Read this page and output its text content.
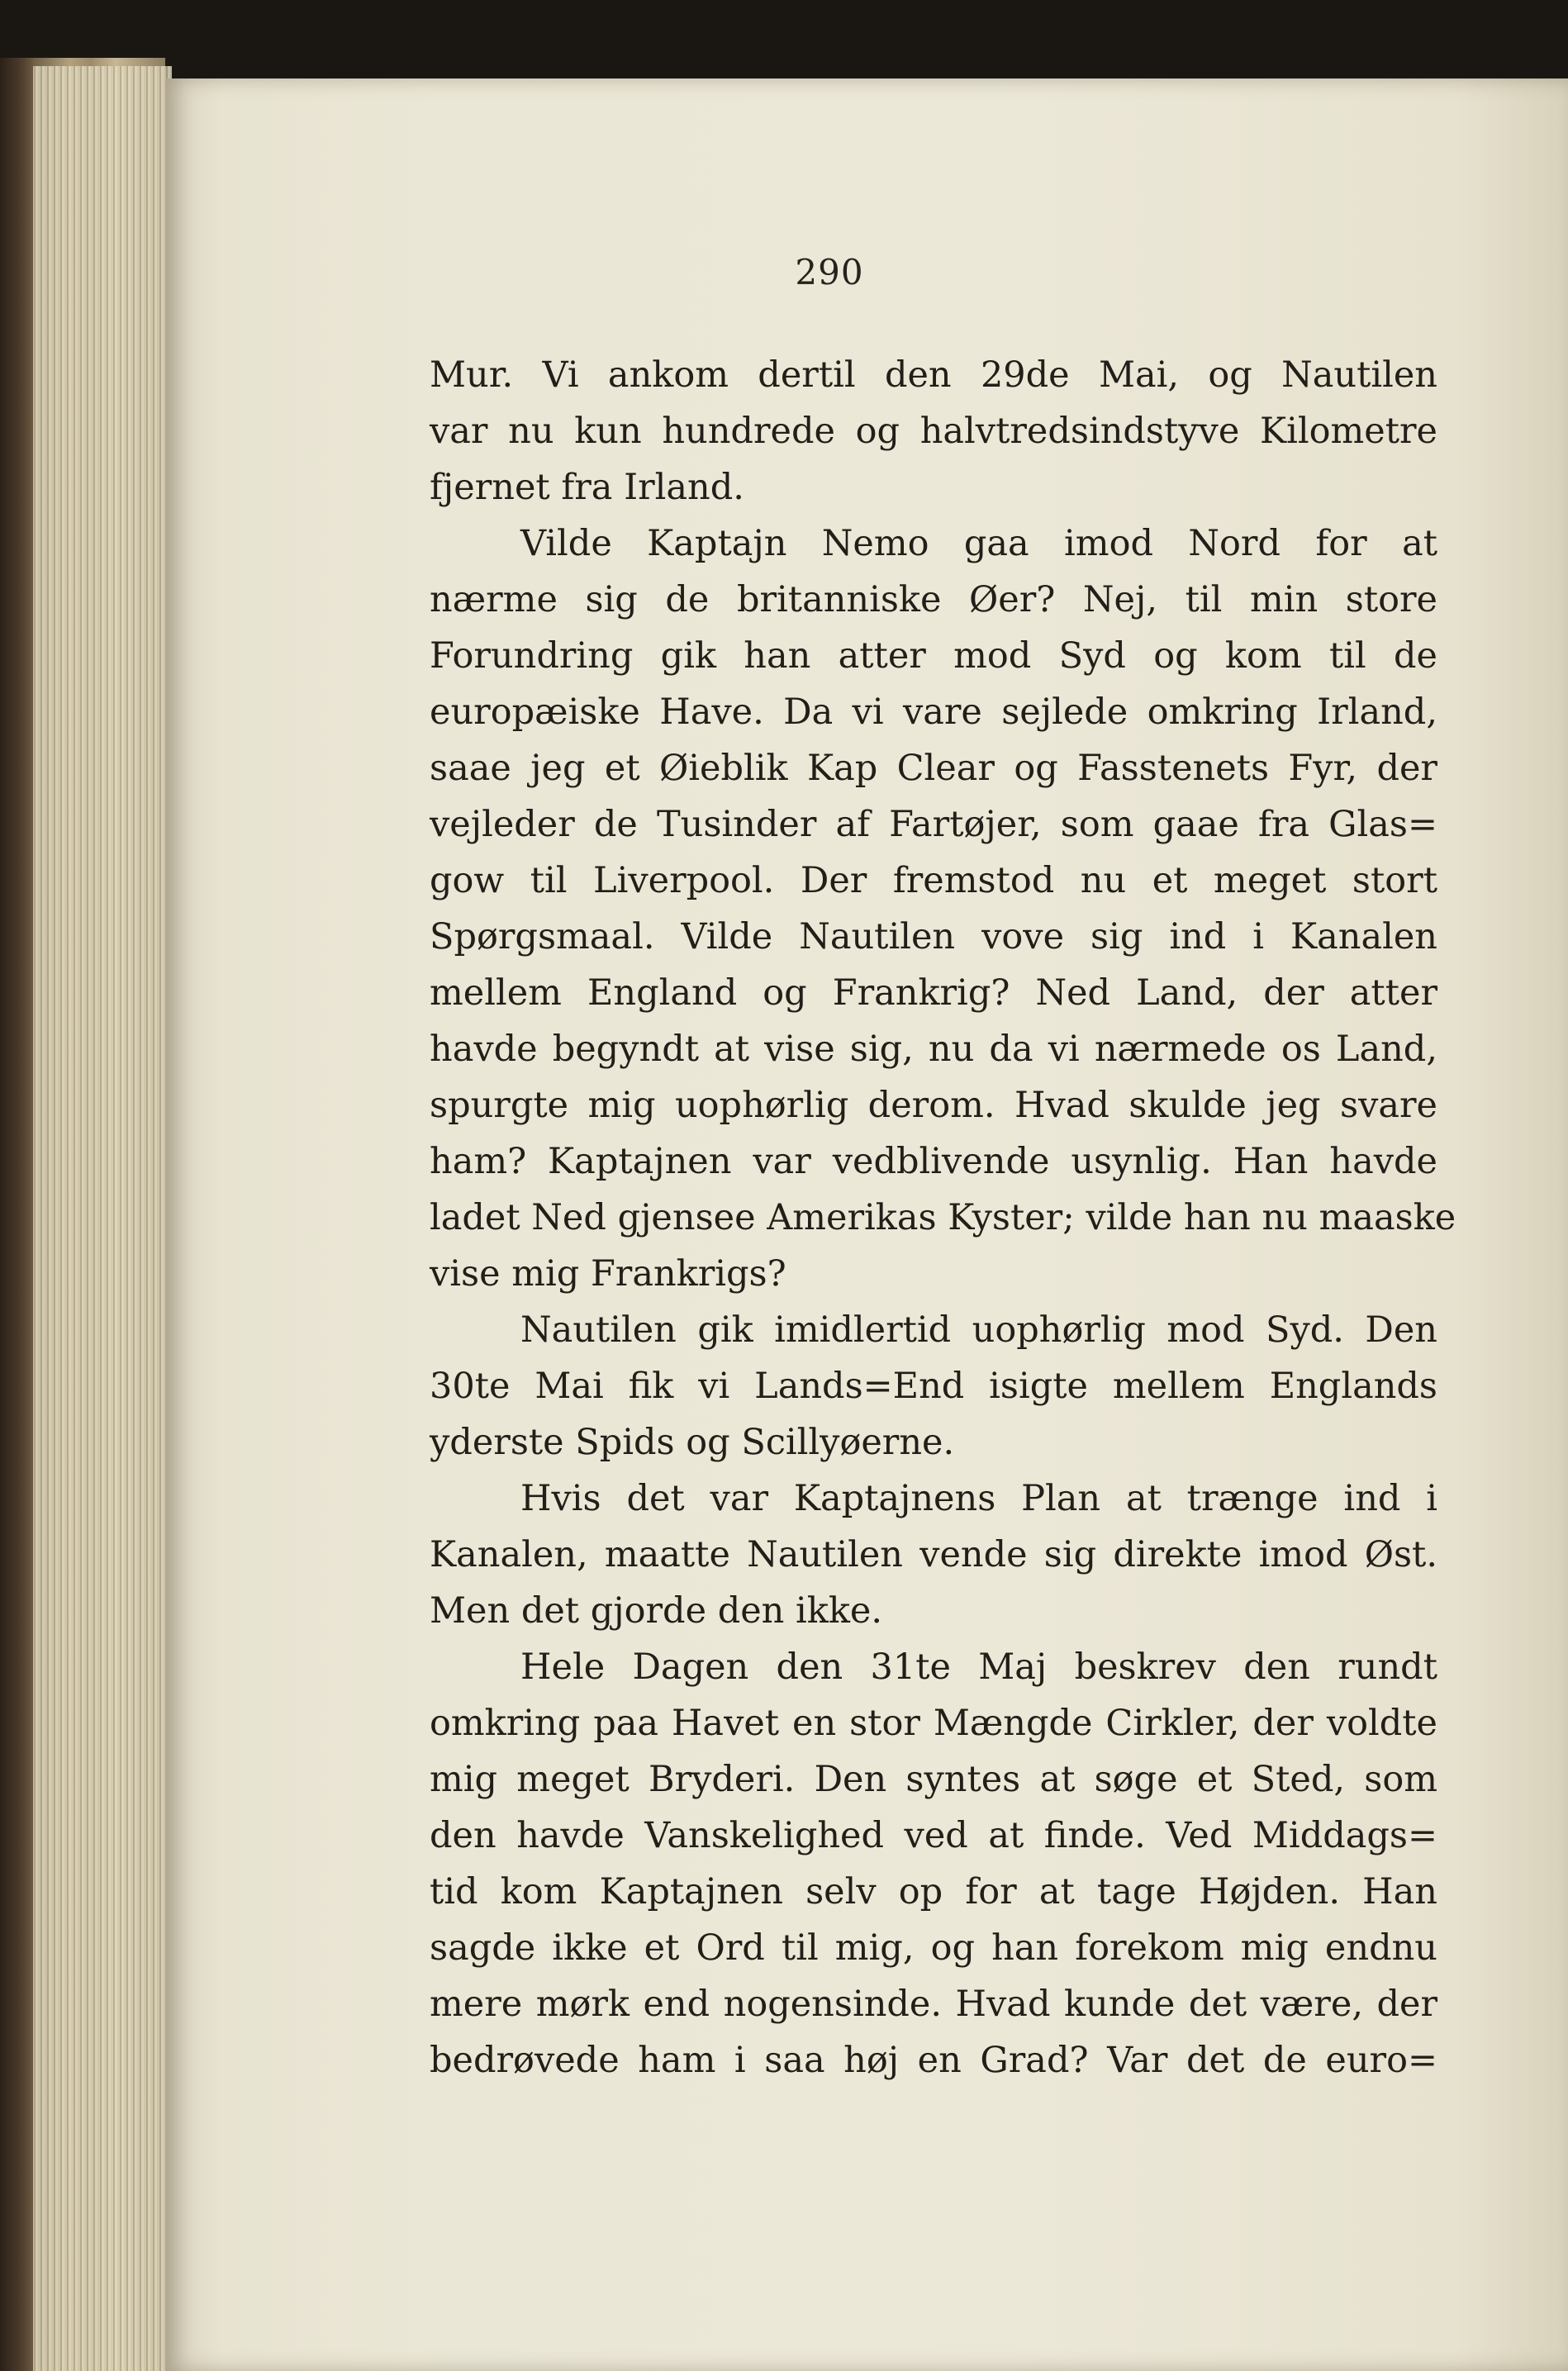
290
Mur. Vi ankom dertil den 29de Mai, og Nautilen
var nu kun hundrede og halvtredsindstyve Kilometre
fjernet fra Irland.
Vilde Kaptajn Nemo gaa imod Nord for at
nærme sig de britanniske Øer? Nej, til min store
Forundring gik han atter mod Syd og kom til de
europæiske Have. Da vi vare sejlede omkring Irland,
saae jeg et Øieblik Kap Clear og Fasstenets Fyr, der
vejleder de Tusinder af Fartøjer, som gaae fra Glas=
gow til Liverpool. Der fremstod nu et meget stort
Spørgsmaal. Vilde Nautilen vove sig ind i Kanalen
mellem England og Frankrig? Ned Land, der atter
havde begyndt at vise sig, nu da vi nærmede os Land,
spurgte mig uophørlig derom. Hvad skulde jeg svare
ham? Kaptajnen var vedblivende usynlig. Han havde
ladet Ned gjensee Amerikas Kyster; vilde han nu maaske
vise mig Frankrigs?
Nautilen gik imidlertid uophørlig mod Syd. Den
30te Mai fik vi Lands=End isigte mellem Englands
yderste Spids og Scillyøerne.
Hvis det var Kaptajnens Plan at trænge ind i
Kanalen, maatte Nautilen vende sig direkte imod Øst.
Men det gjorde den ikke.
Hele Dagen den 31te Maj beskrev den rundt
omkring paa Havet en stor Mængde Cirkler, der voldte
mig meget Bryderi. Den syntes at søge et Sted, som
den havde Vanskelighed ved at finde. Ved Middags=
tid kom Kaptajnen selv op for at tage Højden. Han
sagde ikke et Ord til mig, og han forekom mig endnu
mere mørk end nogensinde. Hvad kunde det være, der
bedrøvede ham i saa høj en Grad? Var det de euro=
